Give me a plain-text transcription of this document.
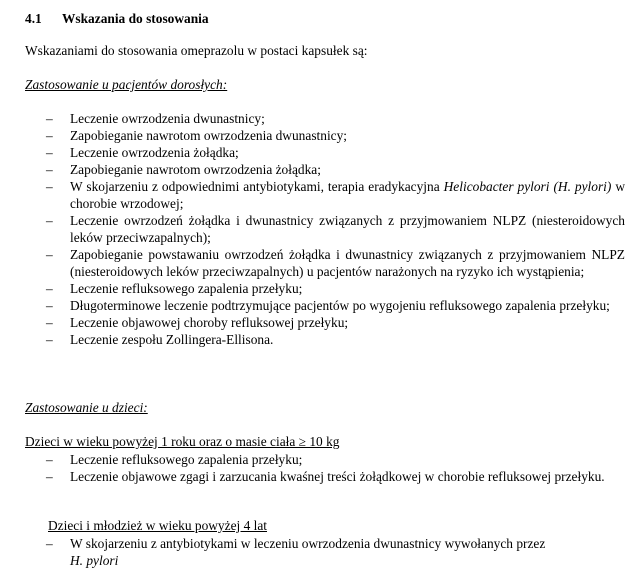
4.1 Wskazania do stosowania
Wskazaniami do stosowania omeprazolu w postaci kapsułek są:
Zastosowanie u pacjentów dorosłych:
– Leczenie owrzodzenia dwunastnicy;
– Zapobieganie nawrotom owrzodzenia dwunastnicy;
– Leczenie owrzodzenia żołądka;
– Zapobieganie nawrotom owrzodzenia żołądka;
– W skojarzeniu z odpowiednimi antybiotykami, terapia eradykacyjna Helicobacter pylori (H. pylori) w chorobie wrzodowej;
– Leczenie owrzodzeń żołądka i dwunastnicy związanych z przyjmowaniem NLPZ (niesteroidowych leków przeciwzapalnych);
– Zapobieganie powstawaniu owrzodzeń żołądka i dwunastnicy związanych z przyjmowaniem NLPZ (niesteroidowych leków przeciwzapalnych) u pacjentów narażonych na ryzyko ich wystąpienia;
– Leczenie refluksowego zapalenia przełyku;
– Długoterminowe leczenie podtrzymujące pacjentów po wygojeniu refluksowego zapalenia przełyku;
– Leczenie objawowej choroby refluksowej przełyku;
– Leczenie zespołu Zollingera-Ellisona.
Zastosowanie u dzieci:
Dzieci w wieku powyżej 1 roku oraz o masie ciała ≥ 10 kg
– Leczenie refluksowego zapalenia przełyku;
– Leczenie objawowe zgagi i zarzucania kwaśnej treści żołądkowej w chorobie refluksowej przełyku.
Dzieci i młodzież w wieku powyżej 4 lat
– W skojarzeniu z antybiotykami w leczeniu owrzodzenia dwunastnicy wywołanych przez
H. pylori
